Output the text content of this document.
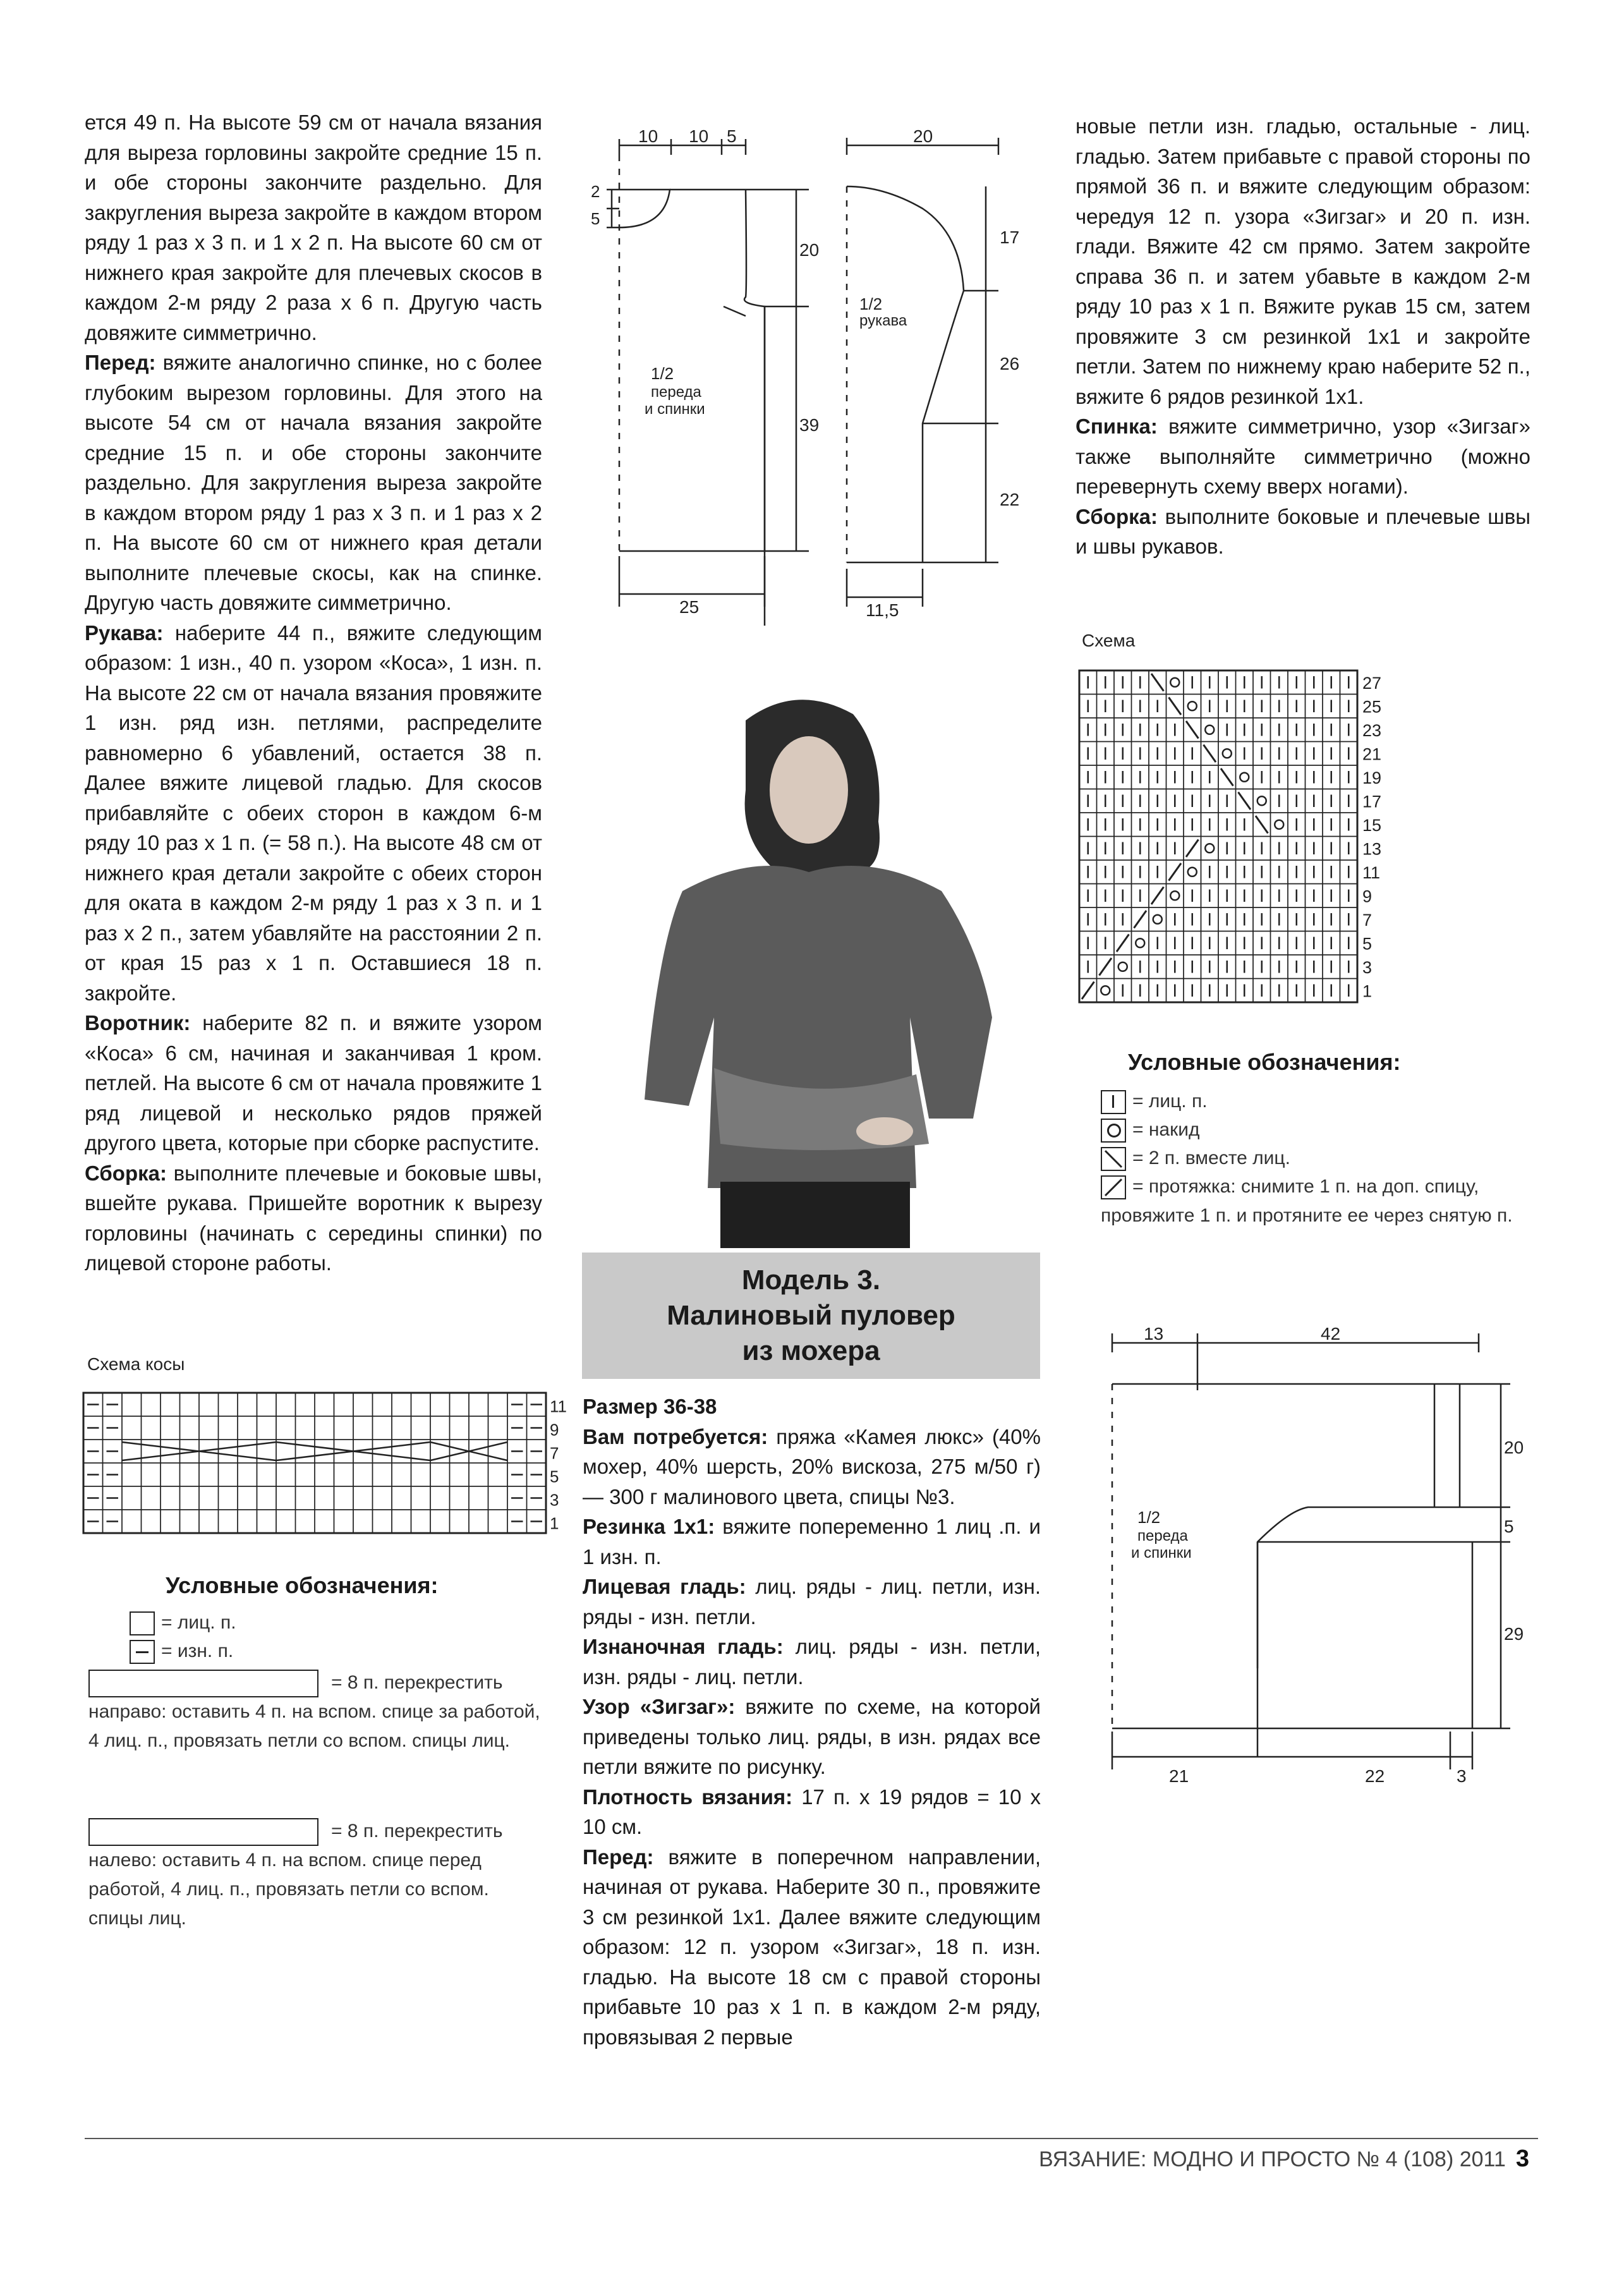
ется 49 п. На высоте 59 см от начала вязания для выреза горловины закройте средние 15 п. и обе стороны закончите раздельно. Для закругления выреза закройте в каждом втором ряду 1 раз х 3 п. и 1 х 2 п. На высоте 60 см от нижнего края закройте для плечевых скосов в каждом 2-м ряду 2 раза х 6 п. Другую часть довяжите симметрично.

Перед: вяжите аналогично спинке, но с более глубоким вырезом горловины. Для этого на высоте 54 см от начала вязания закройте средние 15 п. и обе стороны закончите раздельно. Для закругления выреза закройте в каждом втором ряду 1 раз х 3 п. и 1 раз х 2 п. На высоте 60 см от нижнего края детали выполните плечевые скосы, как на спинке. Другую часть довяжите симметрично.

Рукава: наберите 44 п., вяжите следующим образом: 1 изн., 40 п. узором «Коса», 1 изн. п. На высоте 22 см от начала вязания провяжите 1 изн. ряд изн. петлями, распределите равномерно 6 убавлений, остается 38 п. Далее вяжите лицевой гладью. Для скосов прибавляйте с обеих сторон в каждом 6-м ряду 10 раз х 1 п. (= 58 п.). На высоте 48 см от нижнего края детали закройте с обеих сторон для оката в каждом 2-м ряду 1 раз х 3 п. и 1 раз х 2 п., затем убавляйте на расстоянии 2 п. от края 15 раз х 1 п. Оставшиеся 18 п. закройте.

Воротник: наберите 82 п. и вяжите узором «Коса» 6 см, начиная и заканчивая 1 кром. петлей. На высоте 6 см от начала провяжите 1 ряд лицевой и несколько рядов пряжей другого цвета, которые при сборке распустите.

Сборка: выполните плечевые и боковые швы, вшейте рукава. Пришейте воротник к вырезу горловины (начинать с середины спинки) по лицевой стороне работы.

новые петли изн. гладью, остальные - лиц. гладью. Затем прибавьте с правой стороны по прямой 36 п. и вяжите следующим образом: чередуя 12 п. узора «Зигзаг» и 20 п. изн. глади. Вяжите 42 см прямо. Затем закройте справа 36 п. и затем убавьте в каждом 2-м ряду 10 раз х 1 п. Вяжите рукав 15 см, затем провяжите 3 см резинкой 1x1 и закройте петли. Затем по нижнему краю наберите 52 п., вяжите 6 рядов резинкой 1x1.

Спинка: вяжите симметрично, узор «Зигзаг» также выполняйте симметрично (можно перевернуть схему вверх ногами).

Сборка: выполните боковые и плечевые швы и швы рукавов.

Размер 36-38

Вам потребуется: пряжа «Камея люкс» (40% мохер, 40% шерсть, 20% вискоза, 275 м/50 г) — 300 г малинового цвета, спицы №3.

Резинка 1х1: вяжите попеременно 1 лиц .п. и 1 изн. п.

Лицевая гладь: лиц. ряды - лиц. петли, изн. ряды - изн. петли.

Изнаночная гладь: лиц. ряды - изн. петли, изн. ряды - лиц. петли.

Узор «Зигзаг»: вяжите по схеме, на которой приведены только лиц. ряды, в изн. рядах все петли вяжите по рисунку.

Плотность вязания: 17 п. х 19 рядов = 10 х 10 см.

Перед: вяжите в поперечном направлении, начиная от рукава. Наберите 30 п., провяжите 3 см резинкой 1x1. Далее вяжите следующим образом: 12 п. узором «Зигзаг», 18 п. изн. гладью. На высоте 18 см с правой стороны прибавьте 10 раз х 1 п. в каждом 2-м ряду, провязывая 2 первые

10 10 5
2
5
20
39
25
1/2
переда
и спинки
20
17
26
22
11,5
1/2
рукава
Модель 3.
Малиновый пуловер
из мохера
Схема
1
3
5
7
9
11
13
15
17
19
21
23
25
27
Условные обозначения:
= лиц. п.
= накид
= 2 п. вместе лиц.
= протяжка: снимите 1 п. на доп. спицу, провяжите 1 п. и протяните ее через снятую п.
13	42
20
5
29
21	22	3
1/2
переда
и спинки
Схема косы
11
9
7
5
3
1
Условные обозначения:
= лиц. п.
= изн. п.
= 8 п. перекрестить направо: оставить 4 п. на вспом. спице за работой, 4 лиц. п., провязать петли со вспом. спицы лиц.
= 8 п. перекрестить налево: оставить 4 п. на вспом. спице перед работой, 4 лиц. п., провязать петли со вспом. спицы лиц.
ВЯЗАНИЕ: МОДНО И ПРОСТО № 4 (108) 2011 3
